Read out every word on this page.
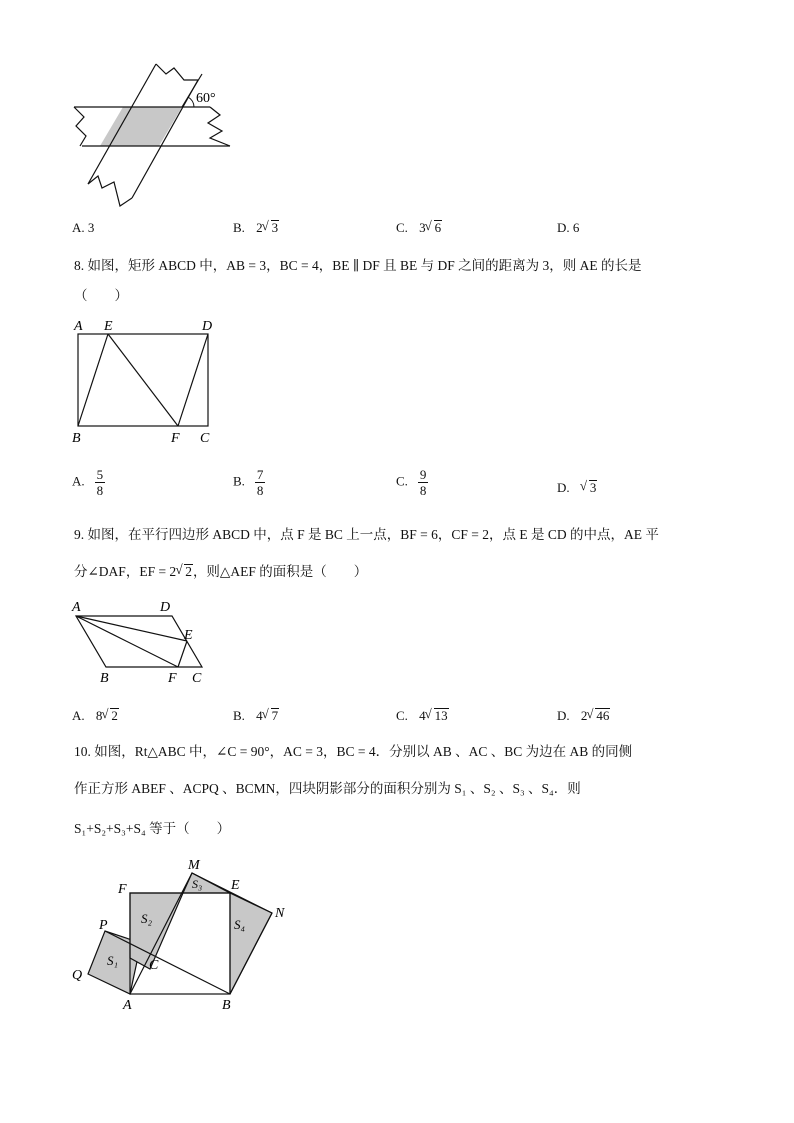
60°
A. 3	B. 2 √ 3	C. 3 √ 6	D. 6
8. 如图，矩形 ABCD 中，AB = 3，BC = 4，BE ∥ DF 且 BE 与 DF 之间的距离为 3，则 AE 的长是
（　　）
A E	D
B	F C
A. $\frac{5}{8}$	B. $\frac{7}{8}$	C. $\frac{9}{8}$	D. √ 3
9. 如图，在平行四边形 ABCD 中，点 F 是 BC 上一点，BF = 6，CF = 2，点 E 是 CD 的中点，AE 平
分∠DAF，EF = 2 √ 2，则△AEF 的面积是（　　）
A	D
E
B	F C
A. 8 √ 2	B. 4 √ 7	C. 4 √ 13	D. 2 √ 46
10. 如图，Rt△ABC 中，∠C = 90°，AC = 3，BC = 4．分别以 AB 、AC 、BC 为边在 AB 的同侧
作正方形 ABEF 、ACPQ 、BCMN，四块阴影部分的面积分别为 S₁ 、S₂ 、S₃ 、S₄．则
S₁+S₂+S₃+S₄ 等于（　　）
M
F	E
N
P
Q
C
A	B
S₁
S₂
S₃
S₄
